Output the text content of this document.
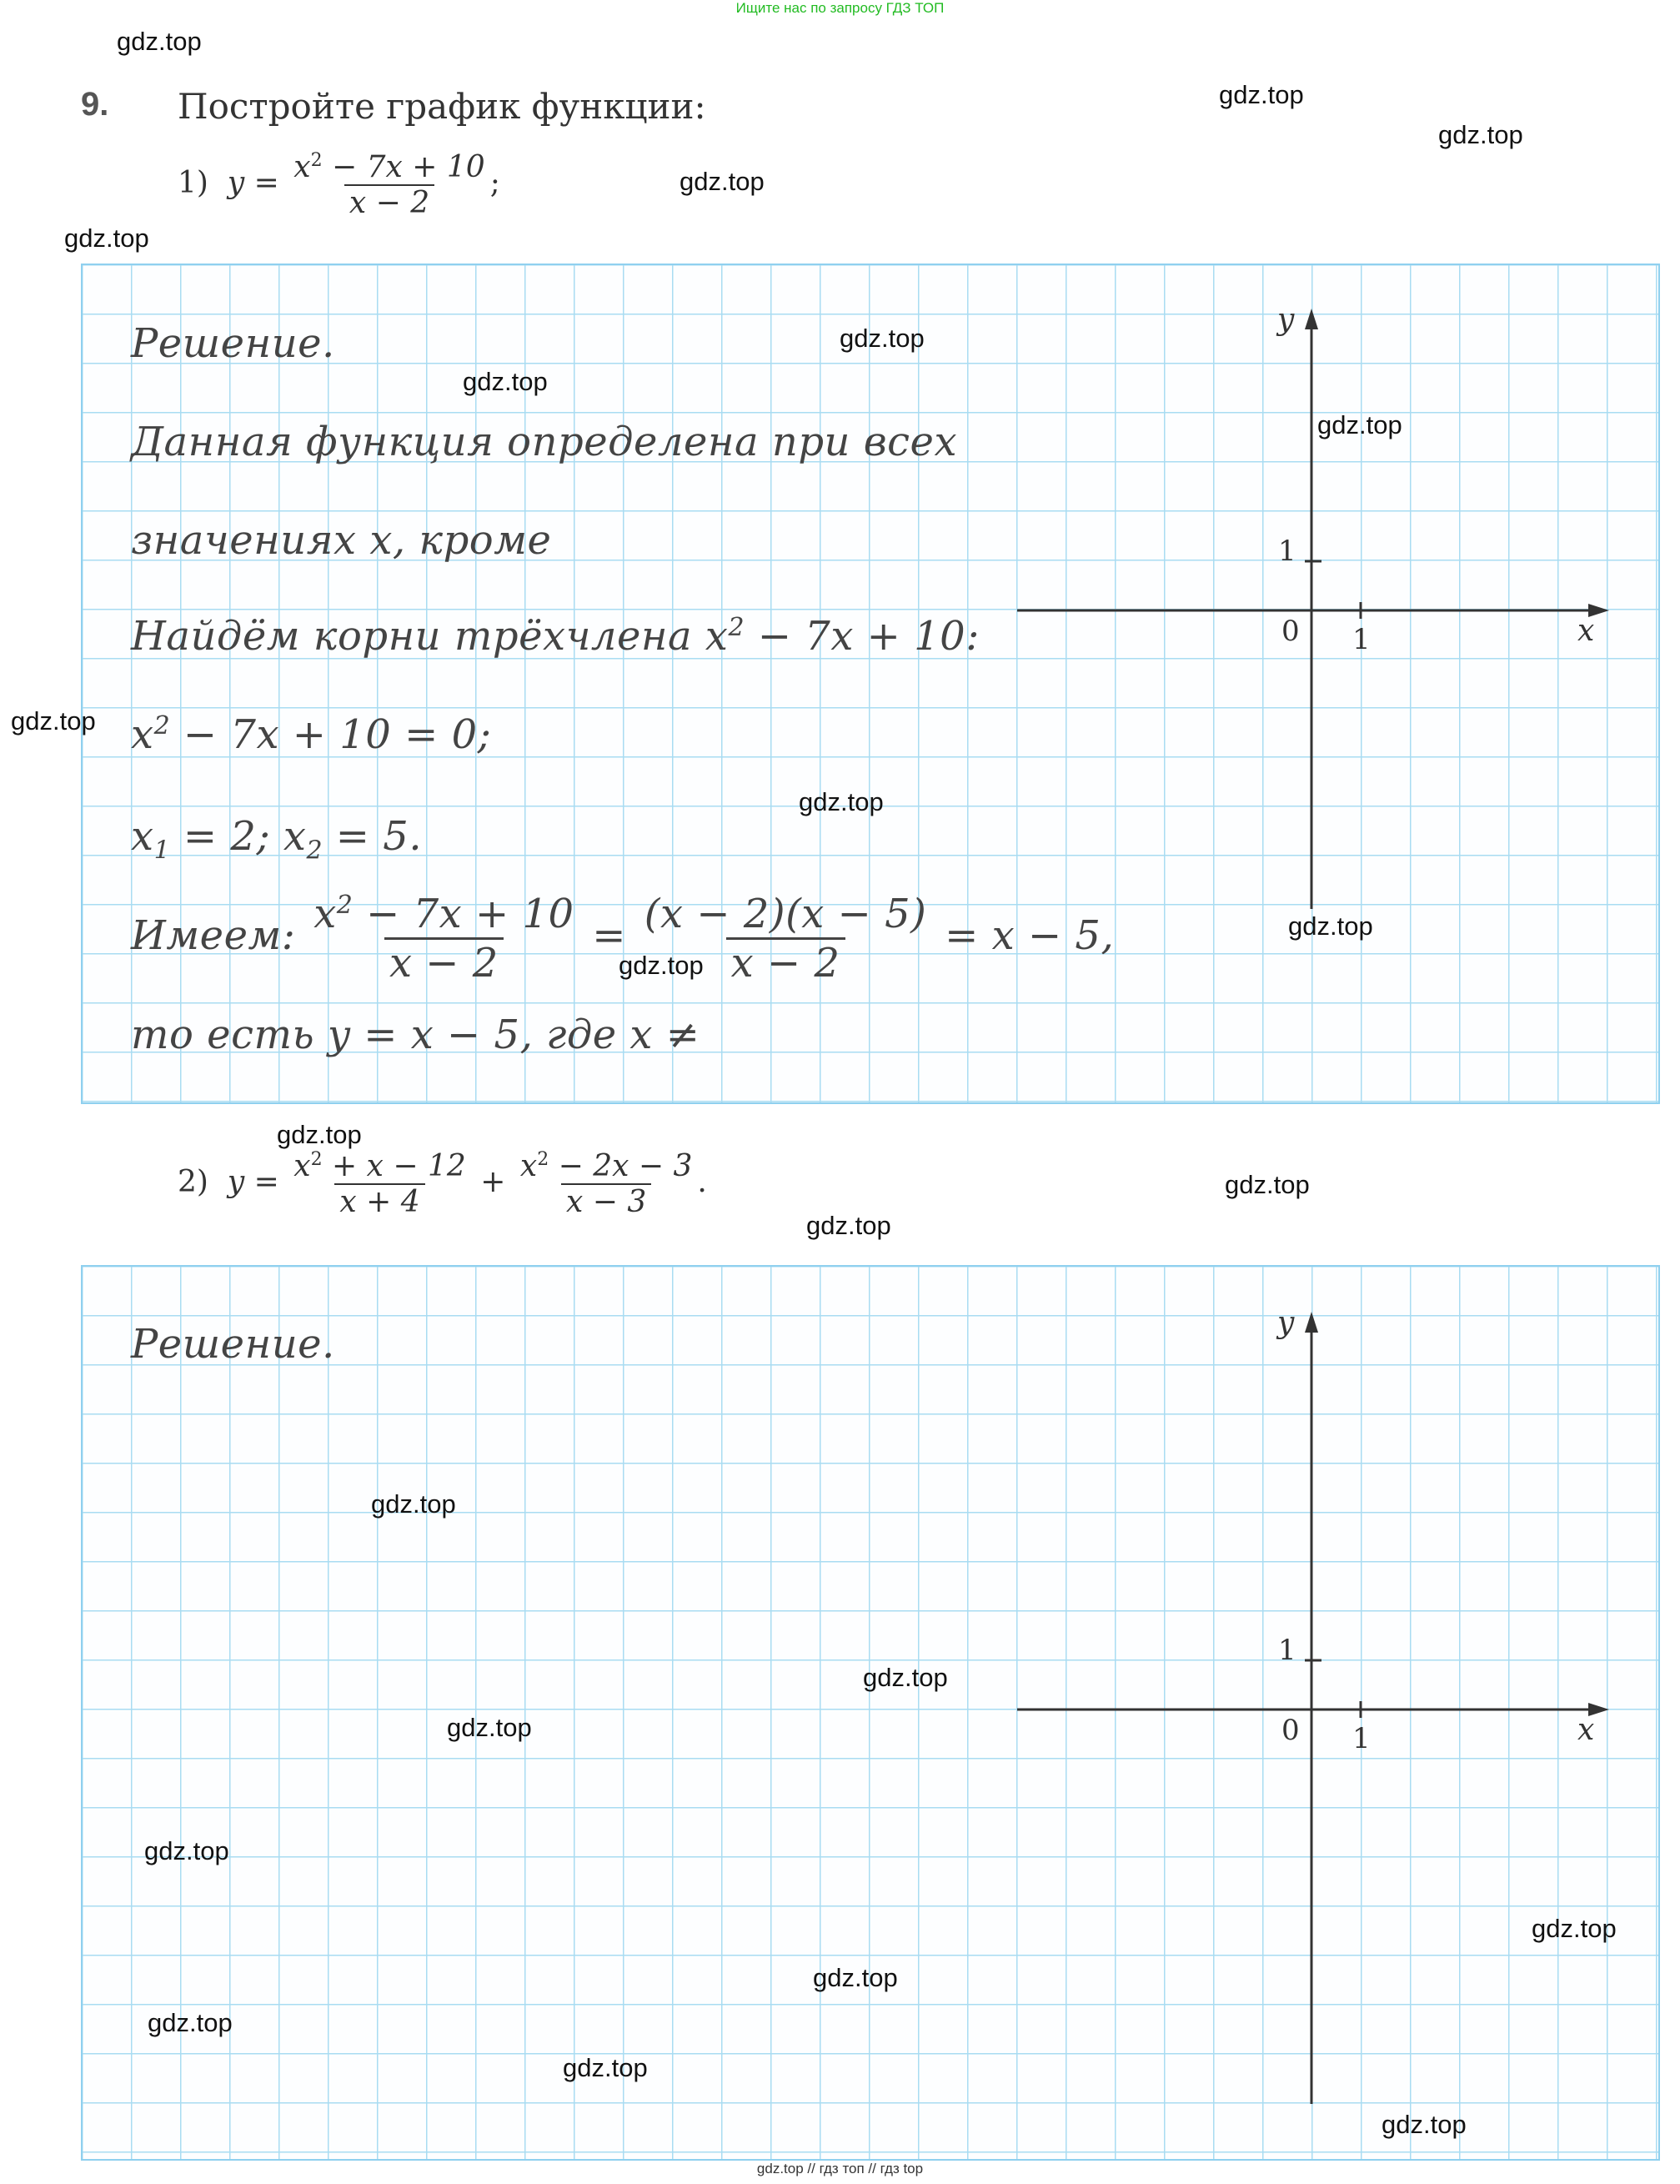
Ищите нас по запросу ГДЗ ТОП
9. Постройте график функции:
1) $y = \frac{x^2 - 7x + 10}{x - 2}$ ;
Решение.
Данная функция определена при всех
значениях x, кроме
Найдём корни трёхчлена $x^2 - 7x + 10$:
$x^2 - 7x + 10 = 0$;
$x_1 = 2$; $x_2 = 5$.
Имеем: $\frac{x^2 - 7x + 10}{x - 2} = \frac{(x - 2)(x - 5)}{x - 2} = x - 5$,
то есть y = x − 5, где x ≠
y
x
0
1
1
2) $y = \frac{x^2 + x - 12}{x + 4} + \frac{x^2 - 2x - 3}{x - 3}$ .
Решение.	y
x
0
1
1
gdz.top
gdz.top
gdz.top
gdz.top
gdz.top
gdz.top
gdz.top
gdz.top
gdz.top
gdz.top
gdz.top
gdz.top
gdz.top
gdz.top
gdz.top
gdz.top
gdz.top
gdz.top
gdz.top
gdz.top
gdz.top
gdz.top
gdz.top
gdz.top
gdz.top // гдз топ // гдз top
